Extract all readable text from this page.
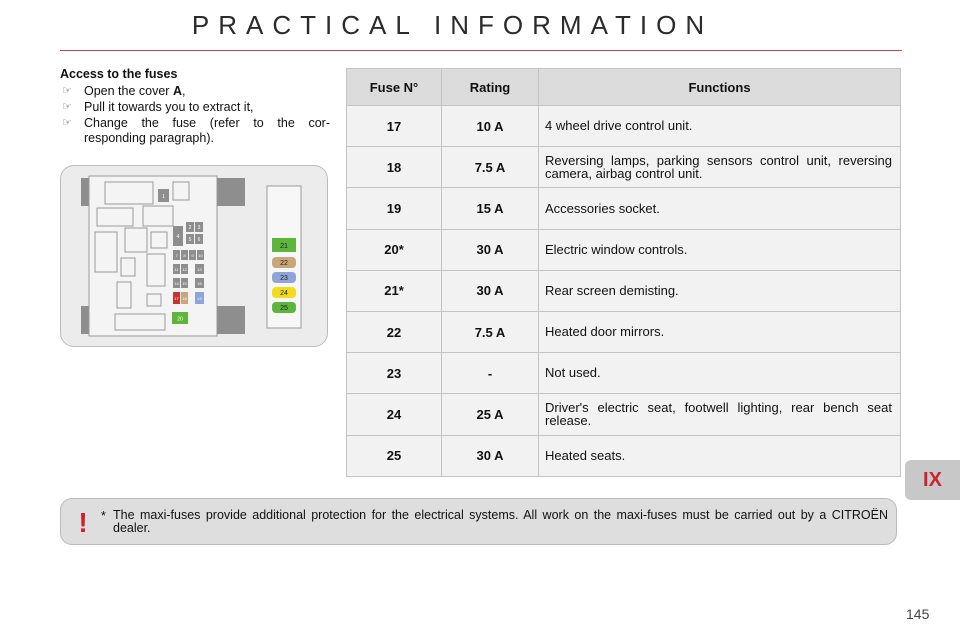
PRACTICAL INFORMATION
IX
Access to the fuses
☞ Open the cover A,
☞ Pull it towards you to extract it,
☞ Change the fuse (refer to the cor-responding paragraph).
1
2 3
4 5 6
7 8 9 10
11 12	13
14 15	16
17 18	19
20
21
22
23
24
25
Fuse N°	Rating	Functions
17	10 A	4 wheel drive control unit.
18	7.5 A	Reversing lamps, parking sensors control unit, reversing camera, airbag control unit.
19	15 A	Accessories socket.
20*	30 A	Electric window controls.
21*	30 A	Rear screen demisting.
22	7.5 A	Heated door mirrors.
23	-	Not used.
24	25 A	Driver's electric seat, footwell lighting, rear bench seat release.
25	30 A	Heated seats.
!	* The maxi-fuses provide additional protection for the electrical systems. All work on the maxi-fuses must be carried out by a CITROËN dealer.
145
